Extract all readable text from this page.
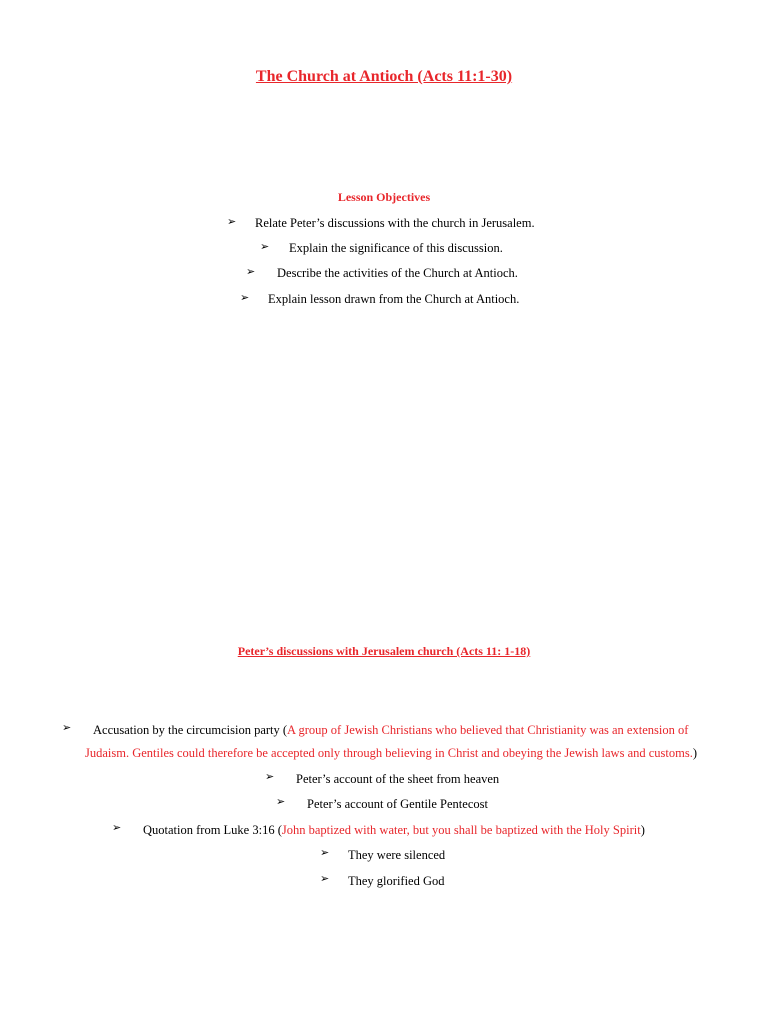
The Church at Antioch (Acts 11:1-30)
Lesson Objectives
➢ Relate Peter’s discussions with the church in Jerusalem.
➢ Explain the significance of this discussion.
➢ Describe the activities of the Church at Antioch.
➢ Explain lesson drawn from the Church at Antioch.
Peter’s discussions with Jerusalem church (Acts 11: 1-18)
➢ Accusation by the circumcision party (A group of Jewish Christians who believed that Christianity was an extension of
Judaism. Gentiles could therefore be accepted only through believing in Christ and obeying the Jewish laws and customs.)
➢ Peter’s account of the sheet from heaven
➢ Peter’s account of Gentile Pentecost
➢ Quotation from Luke 3:16 (John baptized with water, but you shall be baptized with the Holy Spirit)
➢ They were silenced
➢ They glorified God
